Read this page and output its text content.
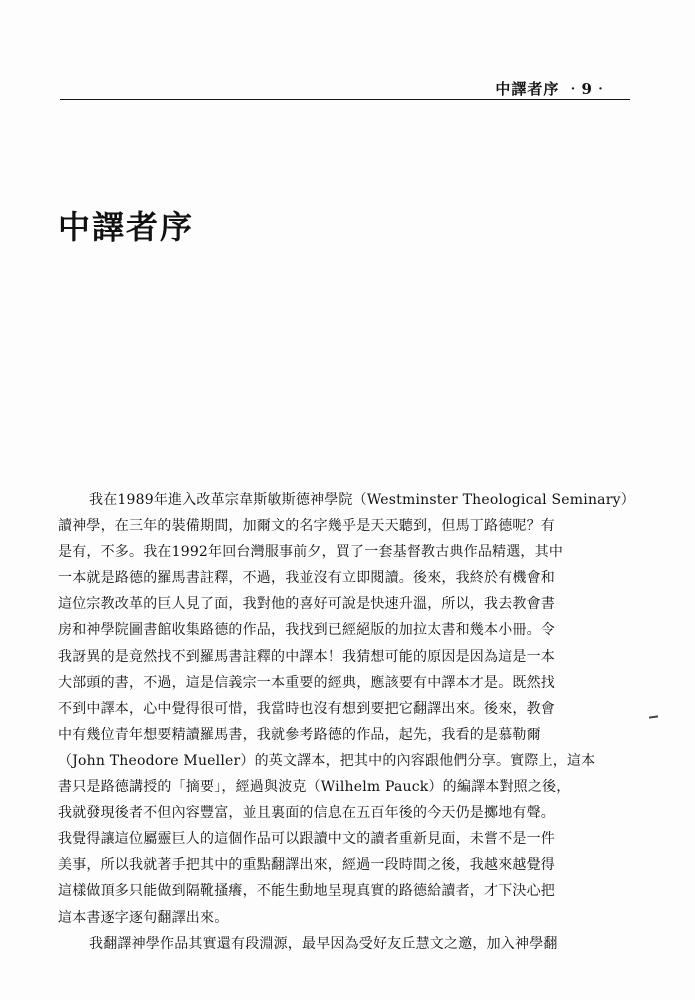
中譯者序 ‧9‧
中譯者序
我在1989年進入改革宗韋斯敏斯德神學院（Westminster Theological Seminary）
讀神學，在三年的裝備期間，加爾文的名字幾乎是天天聽到，但馬丁路德呢？有
是有，不多。我在1992年回台灣服事前夕，買了一套基督教古典作品精選，其中
一本就是路德的羅馬書註釋，不過，我並沒有立即閱讀。後來，我終於有機會和
這位宗教改革的巨人見了面，我對他的喜好可說是快速升溫，所以，我去教會書
房和神學院圖書館收集路德的作品，我找到已經絕版的加拉太書和幾本小冊。令
我訝異的是竟然找不到羅馬書註釋的中譯本！我猜想可能的原因是因為這是一本
大部頭的書，不過，這是信義宗一本重要的經典，應該要有中譯本才是。既然找
不到中譯本，心中覺得很可惜，我當時也沒有想到要把它翻譯出來。後來，教會
中有幾位青年想要精讀羅馬書，我就參考路德的作品，起先，我看的是慕勒爾
（John Theodore Mueller）的英文譯本，把其中的內容跟他們分享。實際上，這本
書只是路德講授的「摘要」，經過與波克（Wilhelm Pauck）的編譯本對照之後，
我就發現後者不但內容豐富，並且裏面的信息在五百年後的今天仍是擲地有聲。
我覺得讓這位屬靈巨人的這個作品可以跟讀中文的讀者重新見面，未嘗不是一件
美事，所以我就著手把其中的重點翻譯出來，經過一段時間之後，我越來越覺得
這樣做頂多只能做到隔靴搔癢，不能生動地呈現真實的路德給讀者，才下決心把
這本書逐字逐句翻譯出來。
我翻譯神學作品其實還有段淵源，最早因為受好友丘慧文之邀，加入神學翻
